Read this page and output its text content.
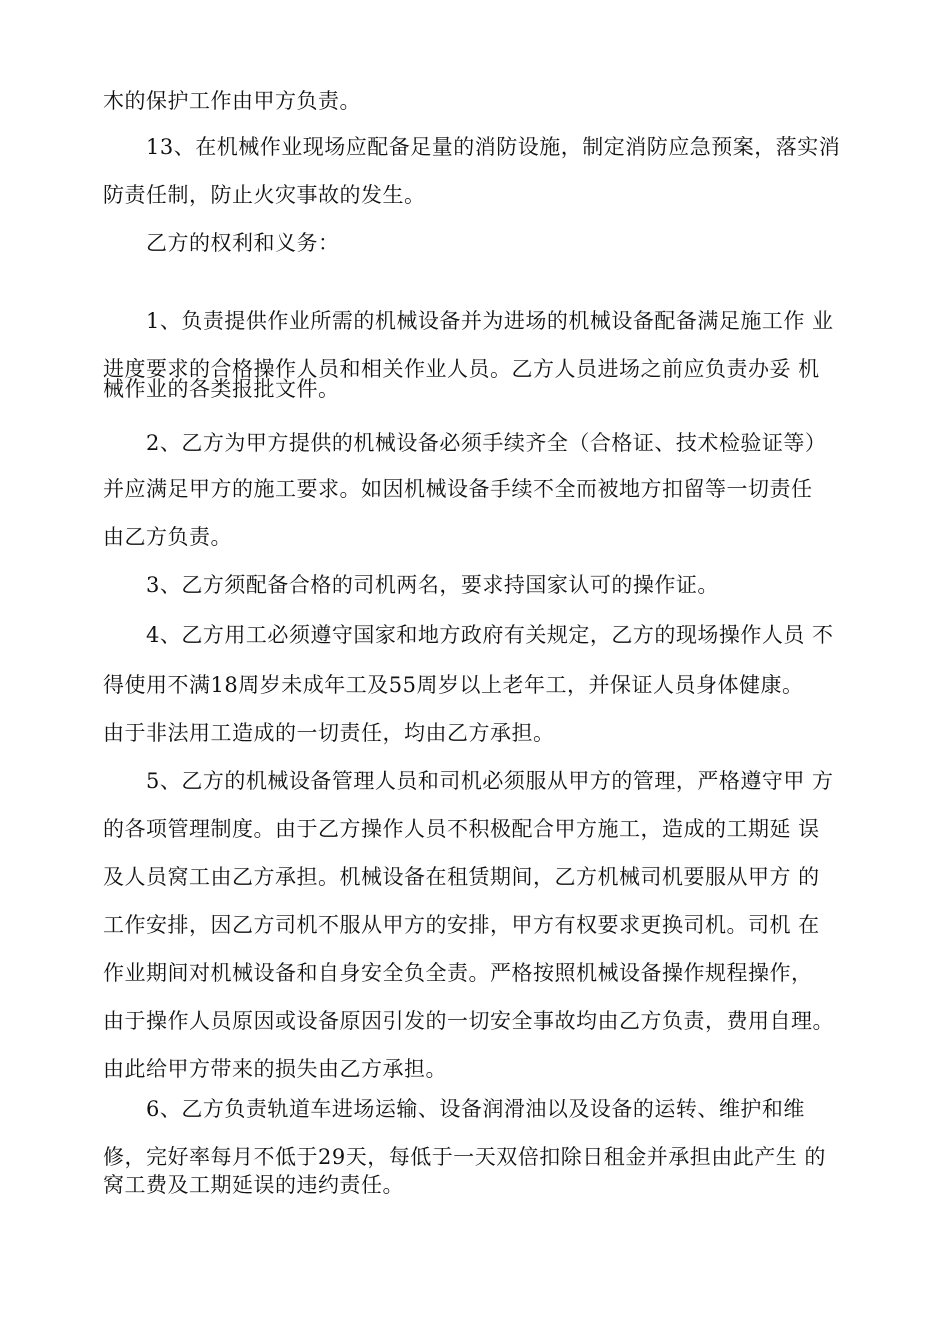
木的保护工作由甲方负责。
13、在机械作业现场应配备足量的消防设施，制定消防应急预案，落实消
防责任制，防止火灾事故的发生。
乙方的权利和义务：
1、负责提供作业所需的机械设备并为进场的机械设备配备满足施工作 业
进度要求的合格操作人员和相关作业人员。乙方人员进场之前应负责办妥 机
械作业的各类报批文件。
2、乙方为甲方提供的机械设备必须手续齐全（合格证、技术检验证等）
并应满足甲方的施工要求。如因机械设备手续不全而被地方扣留等一切责任
由乙方负责。
3、乙方须配备合格的司机两名，要求持国家认可的操作证。
4、乙方用工必须遵守国家和地方政府有关规定，乙方的现场操作人员 不
得使用不满18周岁未成年工及55周岁以上老年工，并保证人员身体健康。
由于非法用工造成的一切责任，均由乙方承担。
5、乙方的机械设备管理人员和司机必须服从甲方的管理，严格遵守甲 方
的各项管理制度。由于乙方操作人员不积极配合甲方施工，造成的工期延 误
及人员窝工由乙方承担。机械设备在租赁期间，乙方机械司机要服从甲方 的
工作安排，因乙方司机不服从甲方的安排，甲方有权要求更换司机。司机 在
作业期间对机械设备和自身安全负全责。严格按照机械设备操作规程操作，
由于操作人员原因或设备原因引发的一切安全事故均由乙方负责，费用自理。
由此给甲方带来的损失由乙方承担。
6、乙方负责轨道车进场运输、设备润滑油以及设备的运转、维护和维
修，完好率每月不低于29天，每低于一天双倍扣除日租金并承担由此产生 的
窝工费及工期延误的违约责任。
